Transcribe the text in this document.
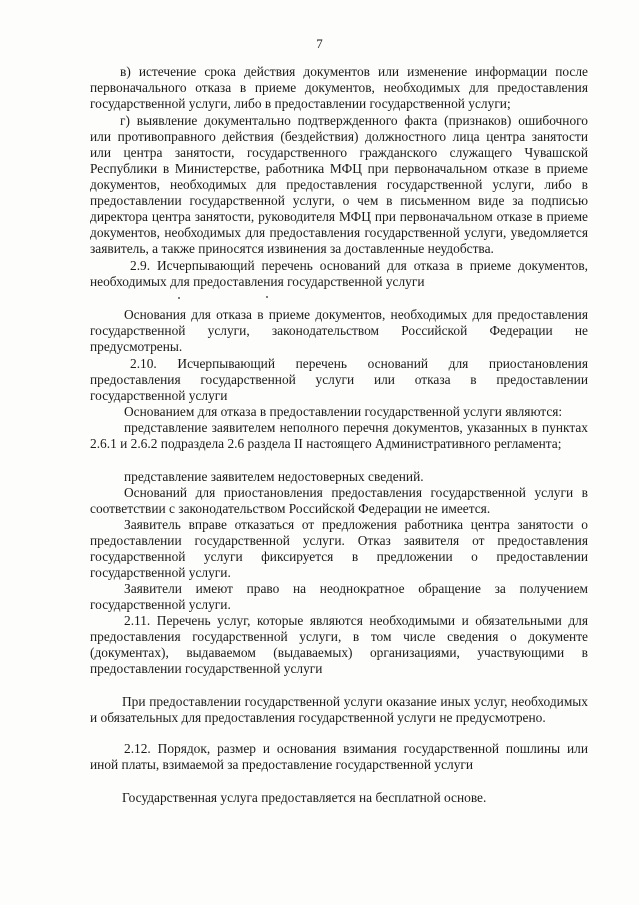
7

в) истечение срока действия документов или изменение информации после первоначального отказа в приеме документов, необходимых для предоставления государственной услуги, либо в предоставлении государственной услуги;

г) выявление документально подтвержденного факта (признаков) ошибочного или противоправного действия (бездействия) должностного лица центра занятости или центра занятости, государственного гражданского служащего Чувашской Республики в Министерстве, работника МФЦ при первоначальном отказе в приеме документов, необходимых для предоставления государственной услуги, либо в предоставлении государственной услуги, о чем в письменном виде за подписью директора центра занятости, руководителя МФЦ при первоначальном отказе в приеме документов, необходимых для предоставления государственной услуги, уведомляется заявитель, а также приносятся извинения за доставленные неудобства.

2.9. Исчерпывающий перечень оснований для отказа в приеме документов, необходимых для предоставления государственной услуги

Основания для отказа в приеме документов, необходимых для предоставления государственной услуги, законодательством Российской Федерации не предусмотрены.

2.10. Исчерпывающий перечень оснований для приостановления предоставления государственной услуги или отказа в предоставлении государственной услуги

Основанием для отказа в предоставлении государственной услуги являются:

представление заявителем неполного перечня документов, указанных в пунктах 2.6.1 и 2.6.2 подраздела 2.6 раздела II настоящего Административного регламента;

представление заявителем недостоверных сведений.

Оснований для приостановления предоставления государственной услуги в соответствии с законодательством Российской Федерации не имеется.

Заявитель вправе отказаться от предложения работника центра занятости о предоставлении государственной услуги. Отказ заявителя от предоставления государственной услуги фиксируется в предложении о предоставлении государственной услуги.

Заявители имеют право на неоднократное обращение за получением государственной услуги.

2.11. Перечень услуг, которые являются необходимыми и обязательными для предоставления государственной услуги, в том числе сведения о документе (документах), выдаваемом (выдаваемых) организациями, участвующими в предоставлении государственной услуги

При предоставлении государственной услуги оказание иных услуг, необходимых и обязательных для предоставления государственной услуги не предусмотрено.

2.12. Порядок, размер и основания взимания государственной пошлины или иной платы, взимаемой за предоставление государственной услуги

Государственная услуга предоставляется на бесплатной основе.
